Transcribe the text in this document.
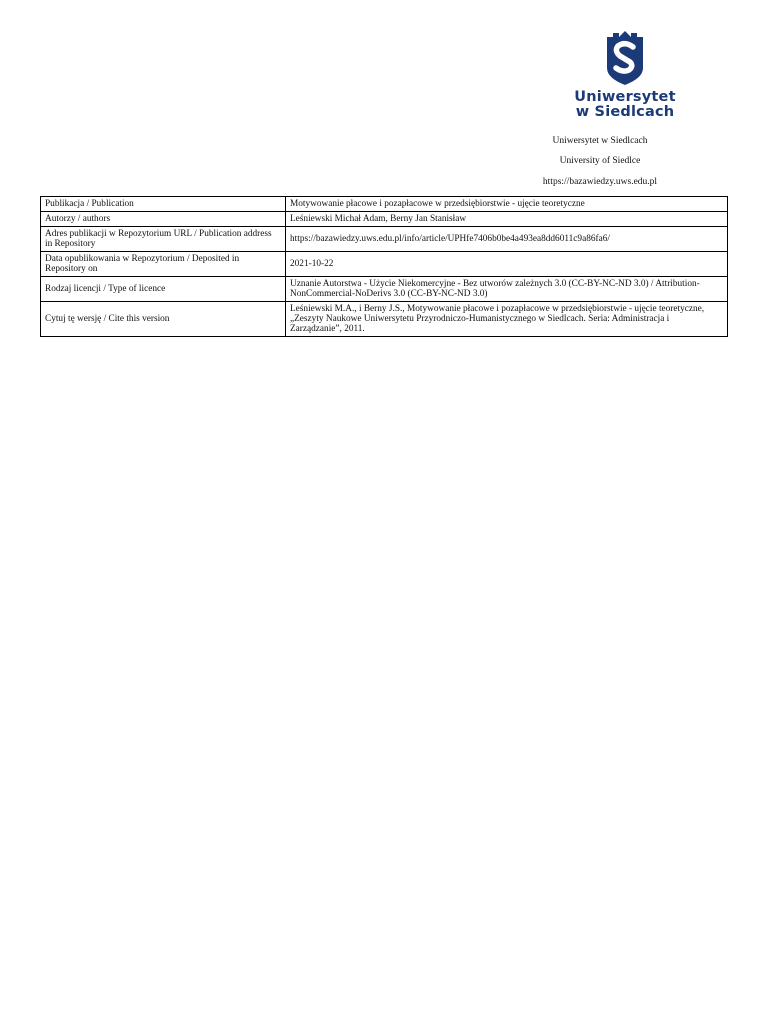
Uniwersytet
w Siedlcach
Uniwersytet w Siedlcach
University of Siedlce
https://bazawiedzy.uws.edu.pl
Publikacja / Publication	Motywowanie płacowe i pozapłacowe w przedsiębiorstwie - ujęcie teoretyczne
Autorzy / authors	Leśniewski Michał Adam, Berny Jan Stanisław
Adres publikacji w Repozytorium URL / Publication address in Repository	https://bazawiedzy.uws.edu.pl/info/article/UPHfe7406b0be4a493ea8dd6011c9a86fa6/
Data opublikowania w Repozytorium / Deposited in Repository on	2021-10-22
Rodzaj licencji / Type of licence	Uznanie Autorstwa - Użycie Niekomercyjne - Bez utworów zależnych 3.0 (CC-BY-NC-ND 3.0) / Attribution-NonCommercial-NoDerivs 3.0 (CC-BY-NC-ND 3.0)
Cytuj tę wersję / Cite this version	Leśniewski M.A., i Berny J.S., Motywowanie płacowe i pozapłacowe w przedsiębiorstwie - ujęcie teoretyczne, „Zeszyty Naukowe Uniwersytetu Przyrodniczo-Humanistycznego w Siedlcach. Seria: Administracja i Zarządzanie”, 2011.
